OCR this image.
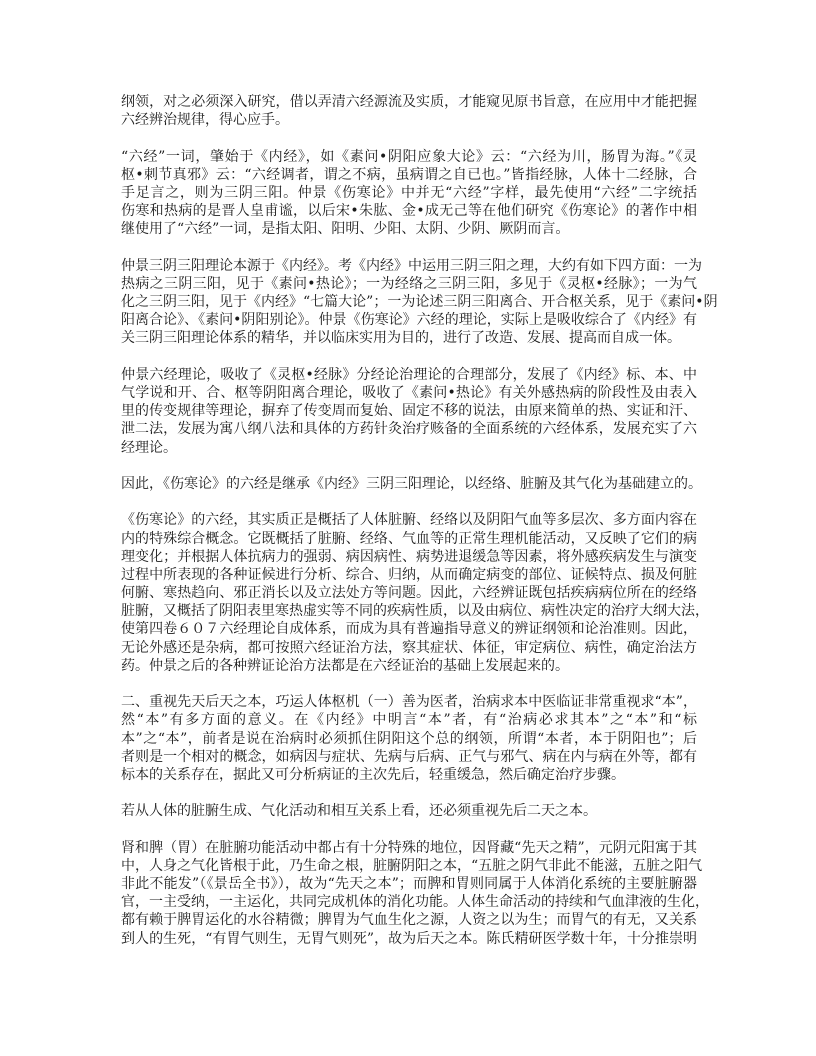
纲领，对之必须深入研究，借以弄清六经源流及实质，才能窥见原书旨意，在应用中才能把握
六经辨治规律，得心应手。
“六经”一词，肇始于《内经》，如《素问•阴阳应象大论》云：“六经为川，肠胃为海。”《灵
枢•刺节真邪》云：“六经调者，谓之不病，虽病谓之自已也。”皆指经脉，人体十二经脉，合
手足言之，则为三阴三阳。仲景《伤寒论》中并无“六经”字样，最先使用“六经”二字统括
伤寒和热病的是晋人皇甫谧，以后宋•朱肱、金•成无己等在他们研究《伤寒论》的著作中相
继使用了“六经”一词，是指太阳、阳明、少阳、太阴、少阴、厥阴而言。
仲景三阴三阳理论本源于《内经》。考《内经》中运用三阴三阳之理，大约有如下四方面：一为
热病之三阴三阳，见于《素问•热论》；一为经络之三阴三阳，多见于《灵枢•经脉》；一为气
化之三阴三阳，见于《内经》“七篇大论”；一为论述三阴三阳离合、开合枢关系，见于《素问•阴
阳离合论》、《素问•阴阳别论》。仲景《伤寒论》六经的理论，实际上是吸收综合了《内经》有
关三阴三阳理论体系的精华，并以临床实用为目的，进行了改造、发展、提高而自成一体。
仲景六经理论，吸收了《灵枢•经脉》分经论治理论的合理部分，发展了《内经》标、本、中
气学说和开、合、枢等阴阳离合理论，吸收了《素问•热论》有关外感热病的阶段性及由表入
里的传变规律等理论，摒弃了传变周而复始、固定不移的说法，由原来简单的热、实证和汗、
泄二法，发展为寓八纲八法和具体的方药针灸治疗赅备的全面系统的六经体系，发展充实了六
经理论。
因此，《伤寒论》的六经是继承《内经》三阴三阳理论，以经络、脏腑及其气化为基础建立的。
《伤寒论》的六经，其实质正是概括了人体脏腑、经络以及阴阳气血等多层次、多方面内容在
内的特殊综合概念。它既概括了脏腑、经络、气血等的正常生理机能活动，又反映了它们的病
理变化；并根据人体抗病力的强弱、病因病性、病势进退缓急等因素，将外感疾病发生与演变
过程中所表现的各种证候进行分析、综合、归纳，从而确定病变的部位、证候特点、损及何脏
何腑、寒热趋向、邪正消长以及立法处方等问题。因此，六经辨证既包括疾病病位所在的经络
脏腑，又概括了阴阳表里寒热虚实等不同的疾病性质，以及由病位、病性决定的治疗大纲大法，
使第四卷６０７六经理论自成体系，而成为具有普遍指导意义的辨证纲领和论治准则。因此，
无论外感还是杂病，都可按照六经证治方法，察其症状、体征，审定病位、病性，确定治法方
药。仲景之后的各种辨证论治方法都是在六经证治的基础上发展起来的。
二、重视先天后天之本，巧运人体枢机（一）善为医者，治病求本中医临证非常重视求“本”，
然“本”有多方面的意义。在《内经》中明言“本”者，有“治病必求其本”之“本”和“标
本”之“本”，前者是说在治病时必须抓住阴阳这个总的纲领，所谓“本者，本于阴阳也”；后
者则是一个相对的概念，如病因与症状、先病与后病、正气与邪气、病在内与病在外等，都有
标本的关系存在，据此又可分析病证的主次先后，轻重缓急，然后确定治疗步骤。
若从人体的脏腑生成、气化活动和相互关系上看，还必须重视先后二天之本。
肾和脾（胃）在脏腑功能活动中都占有十分特殊的地位，因肾藏“先天之精”，元阴元阳寓于其
中，人身之气化皆根于此，乃生命之根，脏腑阴阳之本，“五脏之阴气非此不能滋，五脏之阳气
非此不能发”（《景岳全书》），故为“先天之本”；而脾和胃则同属于人体消化系统的主要脏腑器
官，一主受纳，一主运化，共同完成机体的消化功能。人体生命活动的持续和气血津液的生化，
都有赖于脾胃运化的水谷精微；脾胃为气血生化之源，人资之以为生；而胃气的有无，又关系
到人的生死，“有胃气则生，无胃气则死”，故为后天之本。陈氏精研医学数十年，十分推崇明
